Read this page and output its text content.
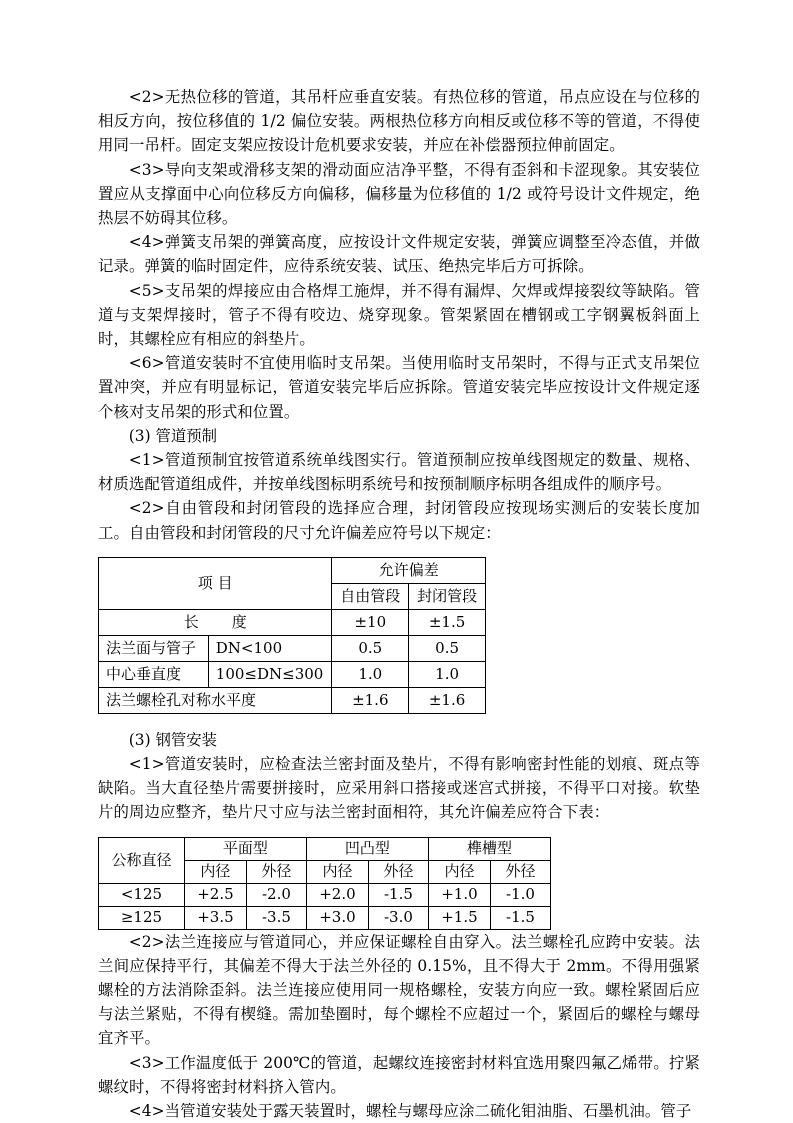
<2>无热位移的管道，其吊杆应垂直安装。有热位移的管道，吊点应设在与位移的相反方向，按位移值的 1/2 偏位安装。两根热位移方向相反或位移不等的管道，不得使用同一吊杆。固定支架应按设计危机要求安装，并应在补偿器预拉伸前固定。

<3>导向支架或滑移支架的滑动面应洁净平整，不得有歪斜和卡涩现象。其安装位置应从支撑面中心向位移反方向偏移，偏移量为位移值的 1/2 或符号设计文件规定，绝热层不妨碍其位移。

<4>弹簧支吊架的弹簧高度，应按设计文件规定安装，弹簧应调整至冷态值，并做记录。弹簧的临时固定件，应待系统安装、试压、绝热完毕后方可拆除。

<5>支吊架的焊接应由合格焊工施焊，并不得有漏焊、欠焊或焊接裂纹等缺陷。管道与支架焊接时，管子不得有咬边、烧穿现象。管架紧固在槽钢或工字钢翼板斜面上时，其螺栓应有相应的斜垫片。

<6>管道安装时不宜使用临时支吊架。当使用临时支吊架时，不得与正式支吊架位置冲突，并应有明显标记，管道安装完毕后应拆除。管道安装完毕应按设计文件规定逐个核对支吊架的形式和位置。

(3) 管道预制

<1>管道预制宜按管道系统单线图实行。管道预制应按单线图规定的数量、规格、材质选配管道组成件，并按单线图标明系统号和按预制顺序标明各组成件的顺序号。

<2>自由管段和封闭管段的选择应合理，封闭管段应按现场实测后的安装长度加工。自由管段和封闭管段的尺寸允许偏差应符号以下规定：

项 目		允许偏差	
		自由管段	封闭管段
长　度		±10	±1.5
法兰面与管子	DN<100	0.5	0.5
中心垂直度	100≤DN≤300	1.0	1.0
法兰螺栓孔对称水平度		±1.6	±1.6

(3) 钢管安装

<1>管道安装时，应检查法兰密封面及垫片，不得有影响密封性能的划痕、斑点等缺陷。当大直径垫片需要拼接时，应采用斜口搭接或迷宫式拼接，不得平口对接。软垫片的周边应整齐，垫片尺寸应与法兰密封面相符，其允许偏差应符合下表：

公称直径	平面型		凹凸型		榫槽型	
	内径	外径	内径	外径	内径	外径
<125	+2.5	-2.0	+2.0	-1.5	+1.0	-1.0
≥125	+3.5	-3.5	+3.0	-3.0	+1.5	-1.5

<2>法兰连接应与管道同心，并应保证螺栓自由穿入。法兰螺栓孔应跨中安装。法兰间应保持平行，其偏差不得大于法兰外径的 0.15%，且不得大于 2mm。不得用强紧螺栓的方法消除歪斜。法兰连接应使用同一规格螺栓，安装方向应一致。螺栓紧固后应与法兰紧贴，不得有楔缝。需加垫圈时，每个螺栓不应超过一个，紧固后的螺栓与螺母宜齐平。

<3>工作温度低于 200℃的管道，起螺纹连接密封材料宜选用聚四氟乙烯带。拧紧螺纹时，不得将密封材料挤入管内。

<4>当管道安装处于露天装置时，螺栓与螺母应涂二硫化钼油脂、石墨机油。管子
